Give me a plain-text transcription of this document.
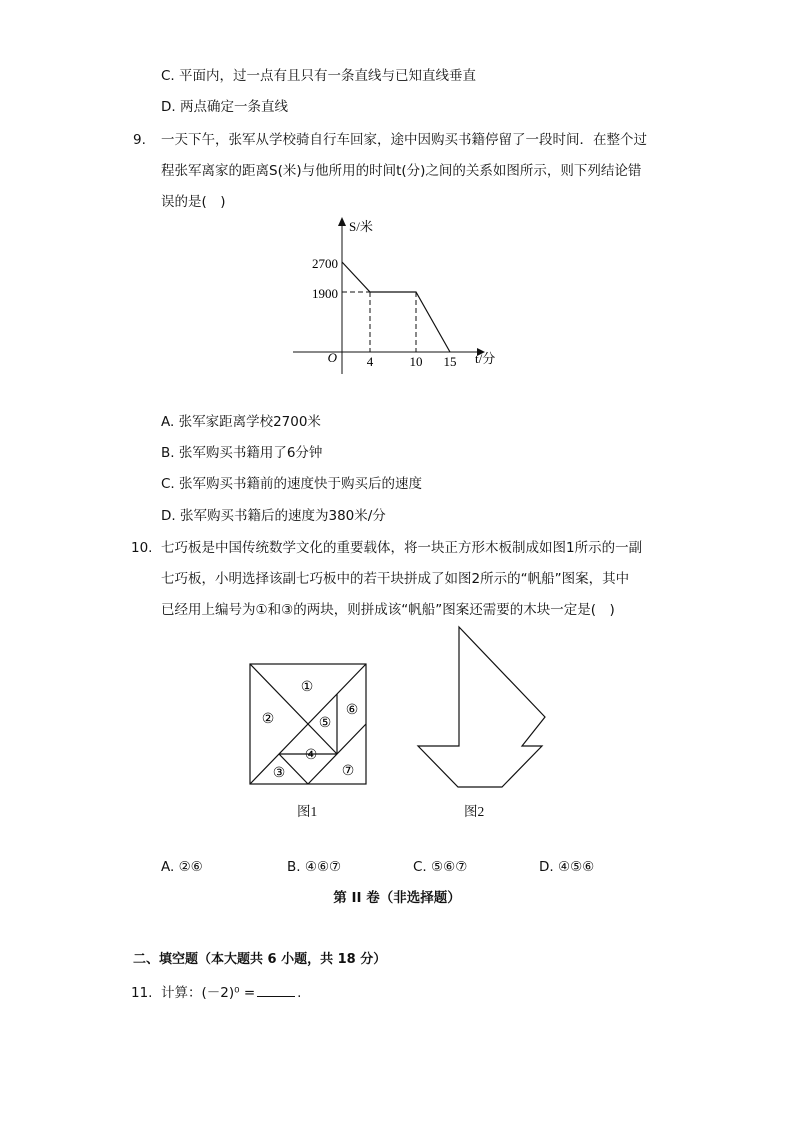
C. 平面内，过一点有且只有一条直线与已知直线垂直
D. 两点确定一条直线
9. 一天下午，张军从学校骑自行车回家，途中因购买书籍停留了一段时间．在整个过
程张军离家的距离S(米)与他所用的时间t(分)之间的关系如图所示，则下列结论错
误的是(　)
S/米
2700
1900
O 4	10 15 t/分
A. 张军家距离学校2700米
B. 张军购买书籍用了6分钟
C. 张军购买书籍前的速度快于购买后的速度
D. 张军购买书籍后的速度为380米/分
10. 七巧板是中国传统数学文化的重要载体，将一块正方形木板制成如图1所示的一副
七巧板，小明选择该副七巧板中的若干块拼成了如图2所示的“帆船”图案，其中
已经用上编号为①和③的两块，则拼成该“帆船”图案还需要的木块一定是(　)
①
②	⑤
⑥
④
③	⑦
图1	图2
A. ②⑥	B. ④⑥⑦	C. ⑤⑥⑦	D. ④⑤⑥
第 II 卷（非选择题）
二、填空题（本大题共 6 小题，共 18 分）
11. 计算：(－2)⁰ =	.
